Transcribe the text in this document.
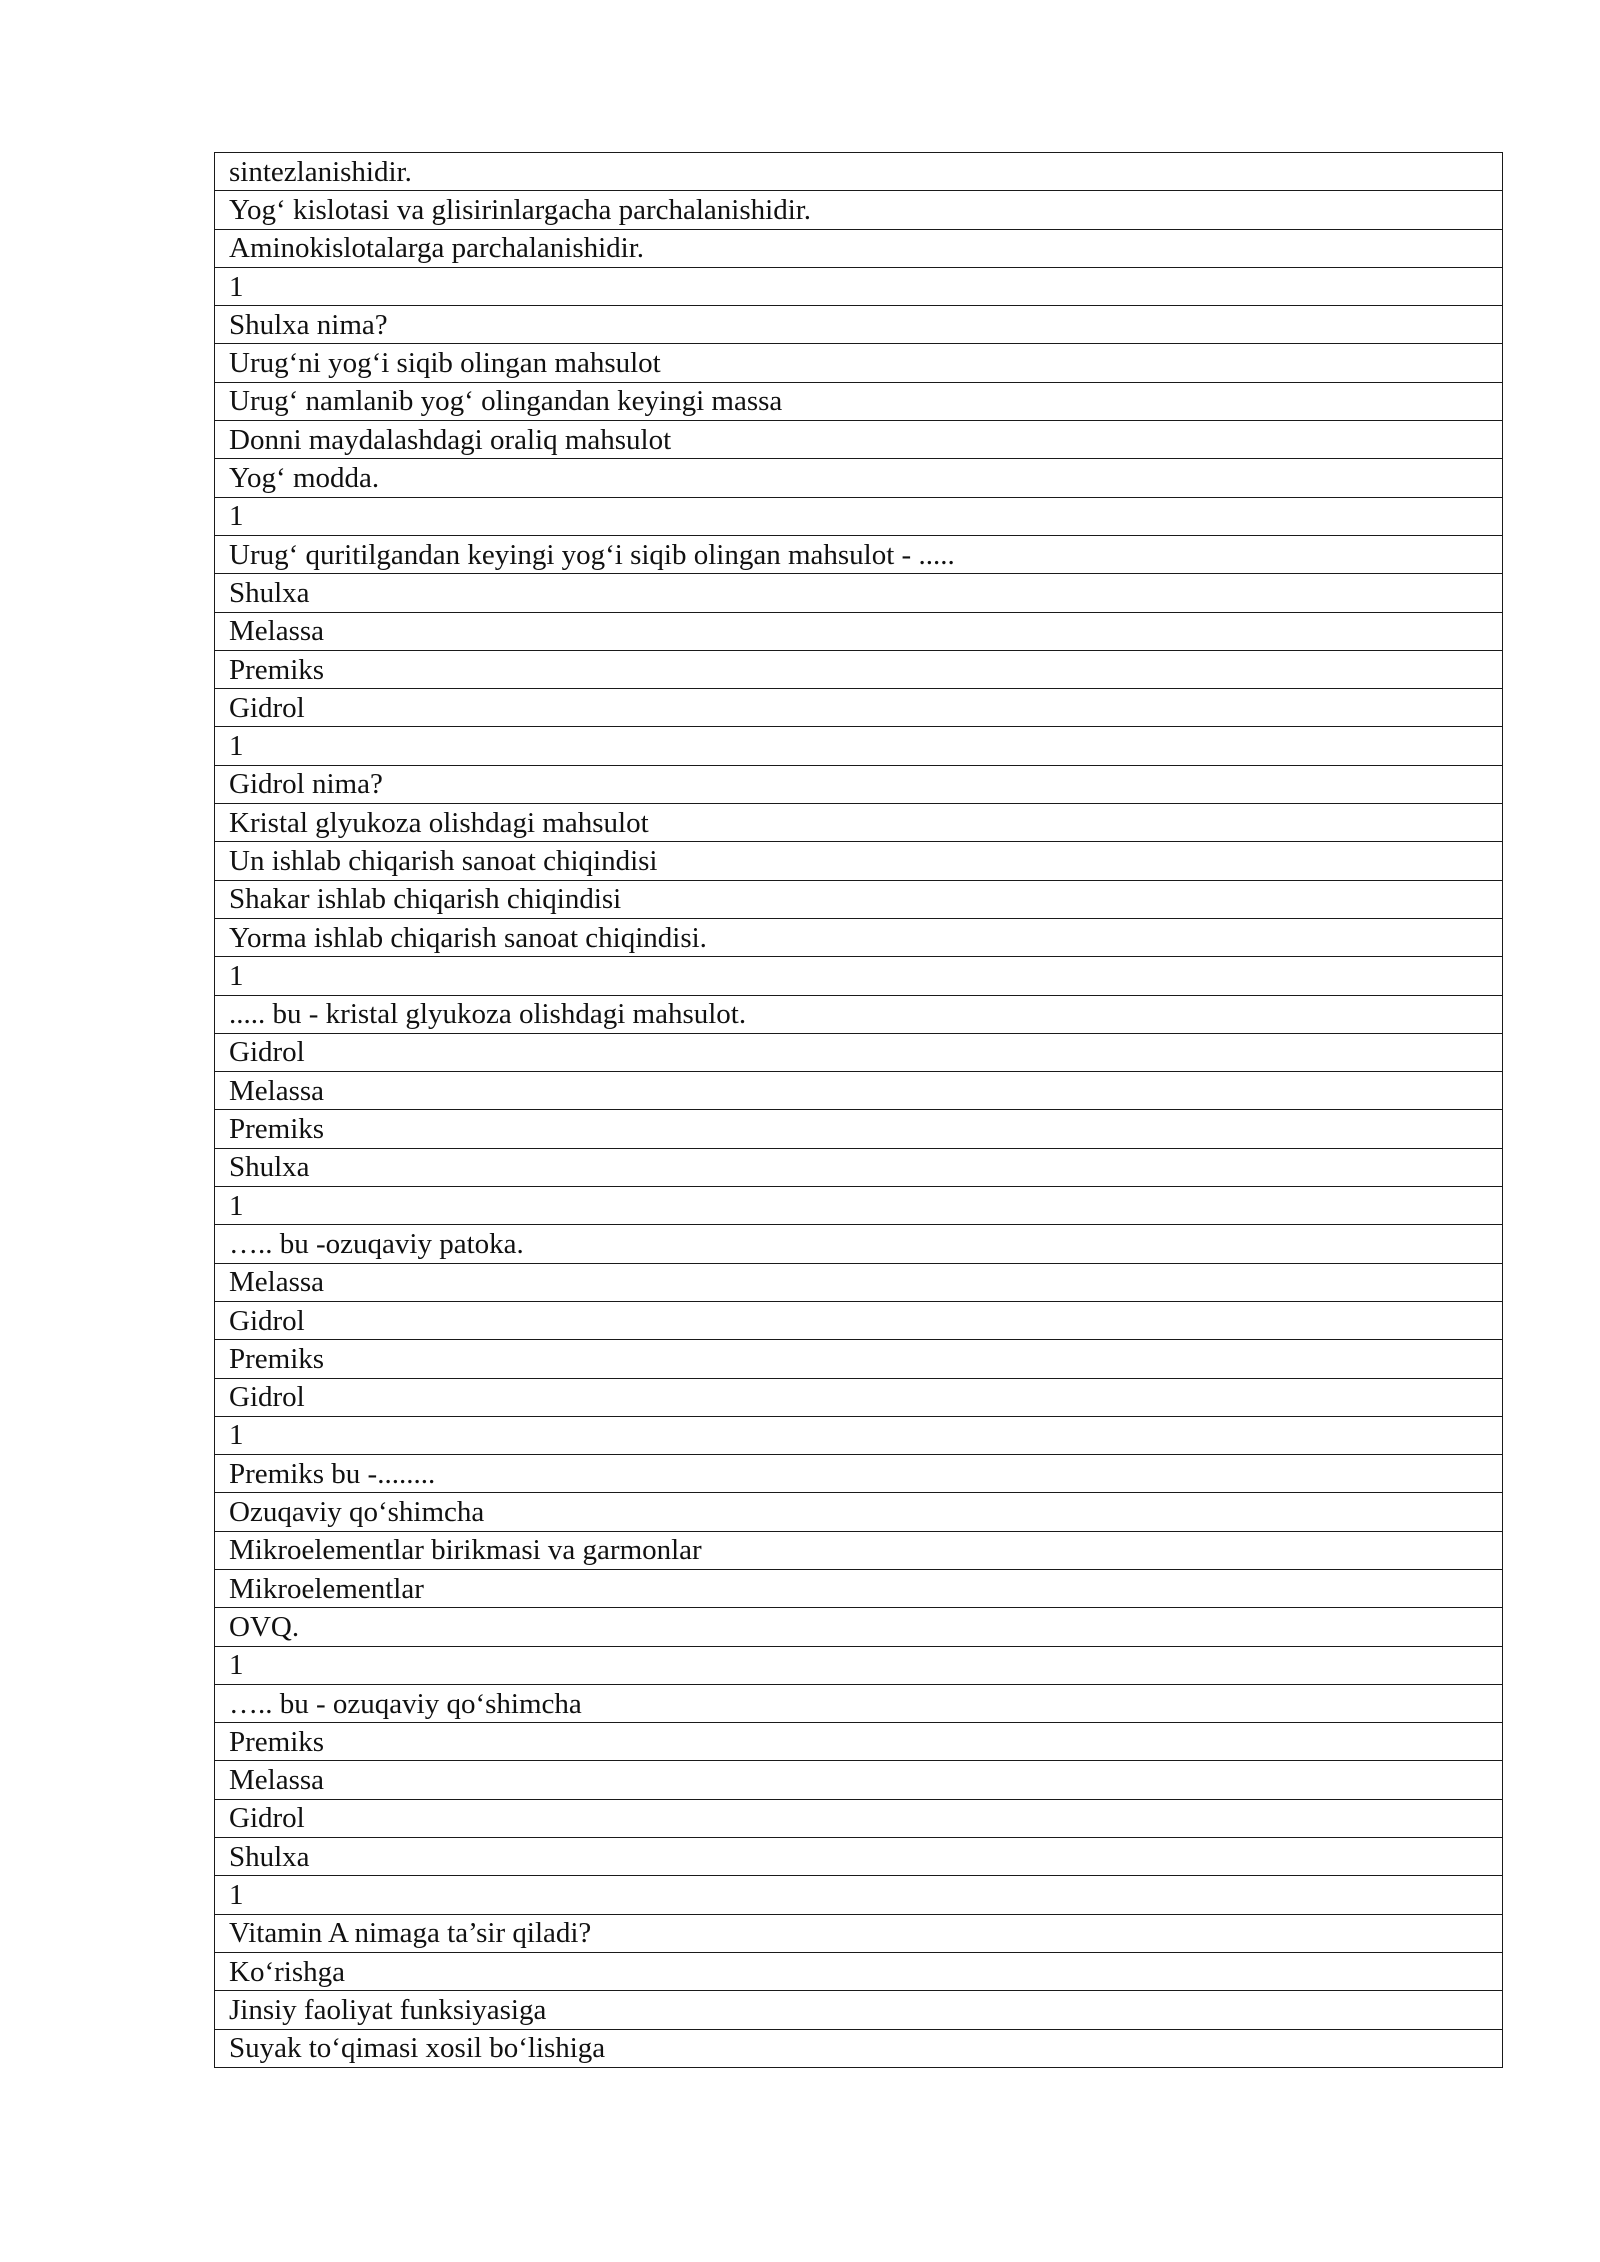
sintezlanishidir.
Yog‘ kislotasi va glisirinlargacha parchalanishidir.
Aminokislotalarga parchalanishidir.
1
Shulxa nima?
Urug‘ni yog‘i siqib olingan mahsulot
Urug‘ namlanib yog‘ olingandan keyingi massa
Donni maydalashdagi oraliq mahsulot
Yog‘ modda.
1
Urug‘ quritilgandan keyingi yog‘i siqib olingan mahsulot - .....
Shulxa
Melassa
Premiks
Gidrol
1
Gidrol nima?
Kristal glyukoza olishdagi mahsulot
Un ishlab chiqarish sanoat chiqindisi
Shakar ishlab chiqarish chiqindisi
Yorma ishlab chiqarish sanoat chiqindisi.
1
..... bu - kristal glyukoza olishdagi mahsulot.
Gidrol
Melassa
Premiks
Shulxa
1
….. bu -ozuqaviy patoka.
Melassa
Gidrol
Premiks
Gidrol
1
Premiks bu -........
Ozuqaviy qo‘shimcha
Mikroelementlar birikmasi va garmonlar
Mikroelementlar
OVQ.
1
….. bu - ozuqaviy qo‘shimcha
Premiks
Melassa
Gidrol
Shulxa
1
Vitamin A nimaga ta’sir qiladi?
Ko‘rishga
Jinsiy faoliyat funksiyasiga
Suyak to‘qimasi xosil bo‘lishiga
